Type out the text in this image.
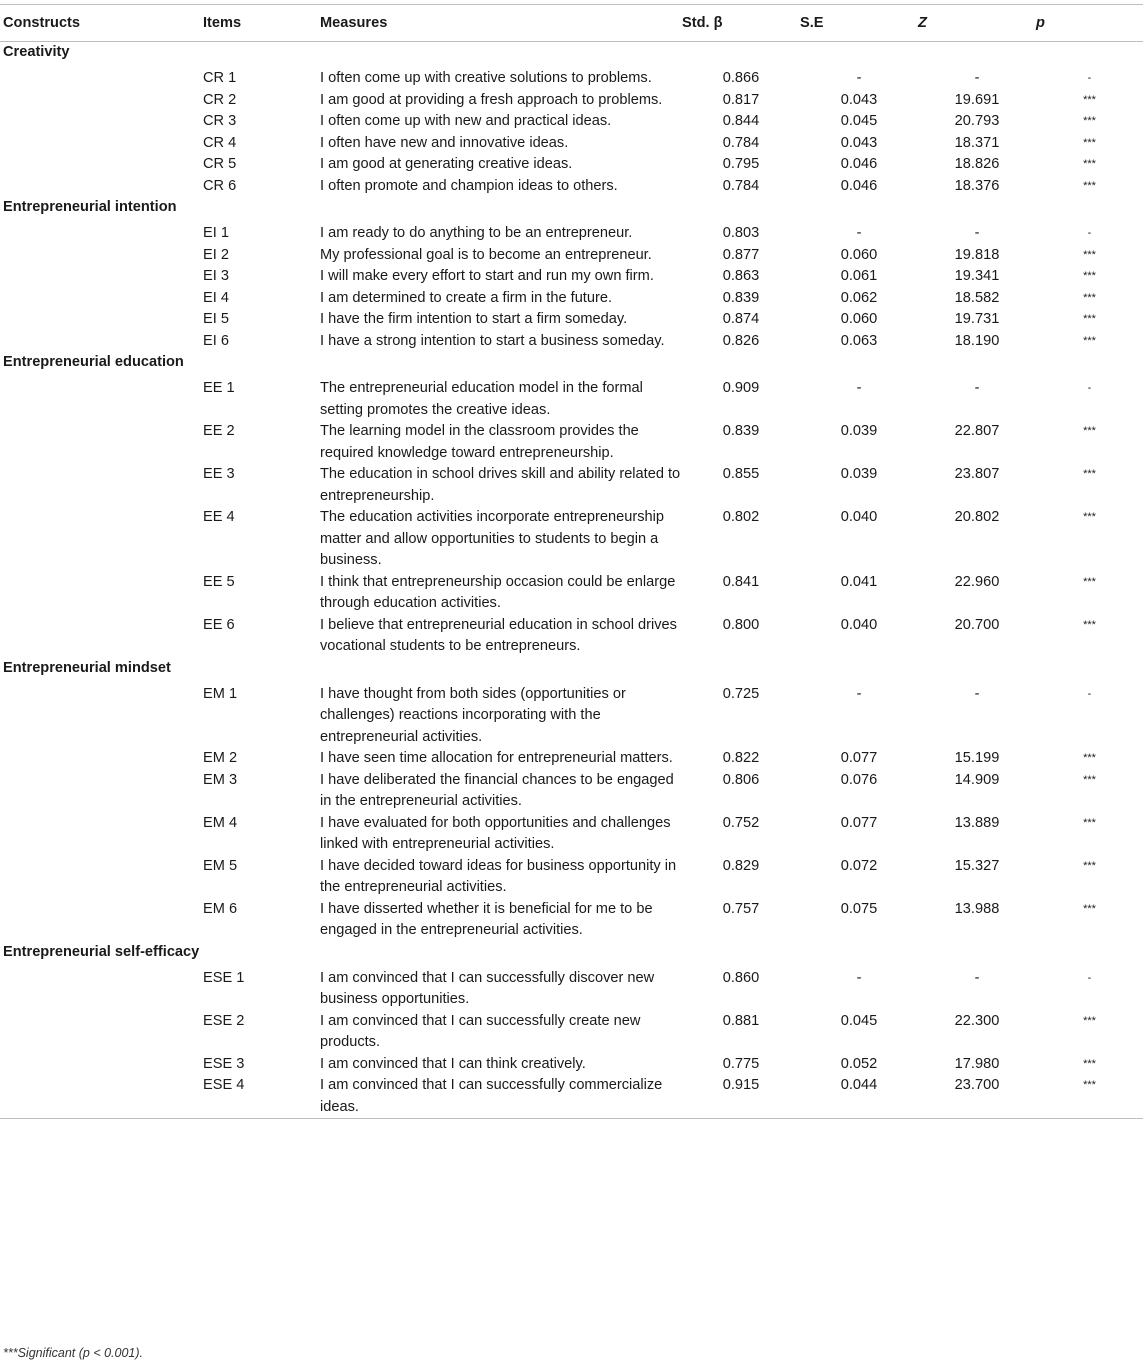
Constructs	Items	Measures	Std. β	S.E	Z	p
Creativity						
	CR 1	I often come up with creative solutions to problems.	0.866	-	-	-
	CR 2	I am good at providing a fresh approach to problems.	0.817	0.043	19.691	***
	CR 3	I often come up with new and practical ideas.	0.844	0.045	20.793	***
	CR 4	I often have new and innovative ideas.	0.784	0.043	18.371	***
	CR 5	I am good at generating creative ideas.	0.795	0.046	18.826	***
	CR 6	I often promote and champion ideas to others.	0.784	0.046	18.376	***
Entrepreneurial intention						
	EI 1	I am ready to do anything to be an entrepreneur.	0.803	-	-	-
	EI 2	My professional goal is to become an entrepreneur.	0.877	0.060	19.818	***
	EI 3	I will make every effort to start and run my own firm.	0.863	0.061	19.341	***
	EI 4	I am determined to create a firm in the future.	0.839	0.062	18.582	***
	EI 5	I have the firm intention to start a firm someday.	0.874	0.060	19.731	***
	EI 6	I have a strong intention to start a business someday.	0.826	0.063	18.190	***
Entrepreneurial education						
	EE 1	The entrepreneurial education model in the formal setting promotes the creative ideas.	0.909	-	-	-
	EE 2	The learning model in the classroom provides the required knowledge toward entrepreneurship.	0.839	0.039	22.807	***
	EE 3	The education in school drives skill and ability related to entrepreneurship.	0.855	0.039	23.807	***
	EE 4	The education activities incorporate entrepreneurship matter and allow opportunities to students to begin a business.	0.802	0.040	20.802	***
	EE 5	I think that entrepreneurship occasion could be enlarge through education activities.	0.841	0.041	22.960	***
	EE 6	I believe that entrepreneurial education in school drives vocational students to be entrepreneurs.	0.800	0.040	20.700	***
Entrepreneurial mindset						
	EM 1	I have thought from both sides (opportunities or challenges) reactions incorporating with the entrepreneurial activities.	0.725	-	-	-
	EM 2	I have seen time allocation for entrepreneurial matters.	0.822	0.077	15.199	***
	EM 3	I have deliberated the financial chances to be engaged in the entrepreneurial activities.	0.806	0.076	14.909	***
	EM 4	I have evaluated for both opportunities and challenges linked with entrepreneurial activities.	0.752	0.077	13.889	***
	EM 5	I have decided toward ideas for business opportunity in the entrepreneurial activities.	0.829	0.072	15.327	***
	EM 6	I have disserted whether it is beneficial for me to be engaged in the entrepreneurial activities.	0.757	0.075	13.988	***
Entrepreneurial self-efficacy						
	ESE 1	I am convinced that I can successfully discover new business opportunities.	0.860	-	-	-
	ESE 2	I am convinced that I can successfully create new products.	0.881	0.045	22.300	***
	ESE 3	I am convinced that I can think creatively.	0.775	0.052	17.980	***
	ESE 4	I am convinced that I can successfully commercialize ideas.	0.915	0.044	23.700	***
***Significant (p < 0.001).
